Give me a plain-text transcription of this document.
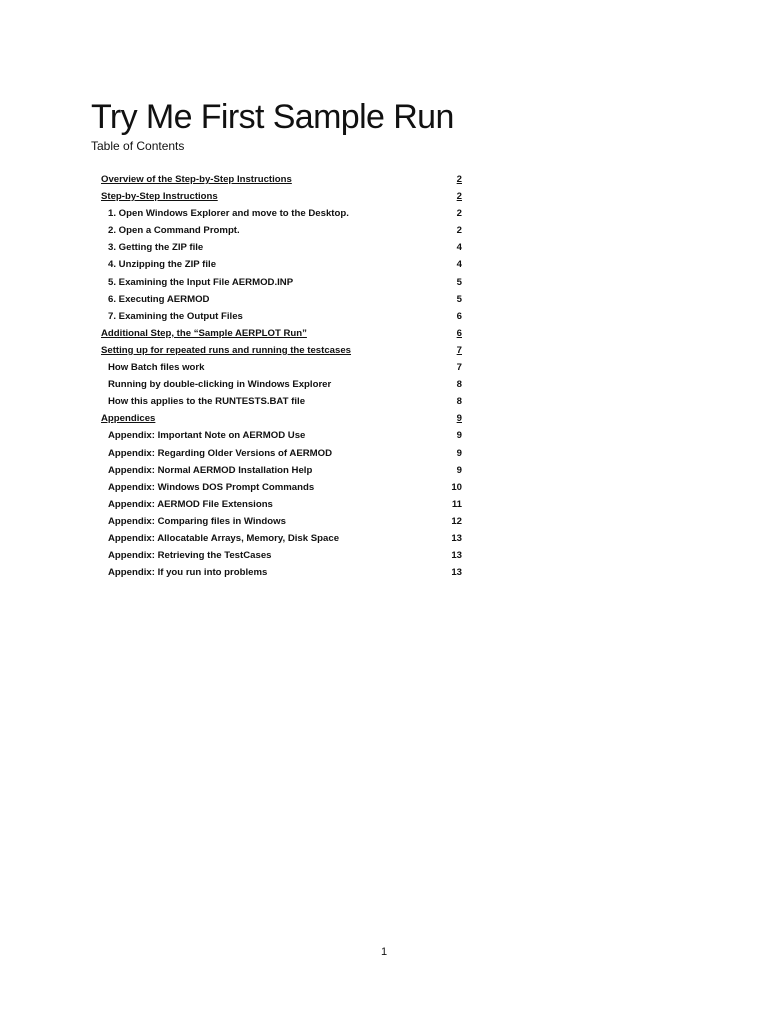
Try Me First Sample Run
Table of Contents
Overview of the Step-by-Step Instructions	2
Step-by-Step Instructions	2
1. Open Windows Explorer and move to the Desktop.	2
2. Open a Command Prompt.	2
3. Getting the ZIP file	4
4. Unzipping the ZIP file	4
5. Examining the Input File AERMOD.INP	5
6. Executing AERMOD	5
7. Examining the Output Files	6
Additional Step, the “Sample AERPLOT Run”	6
Setting up for repeated runs and running the testcases	7
How Batch files work	7
Running by double-clicking in Windows Explorer	8
How this applies to the RUNTESTS.BAT file	8
Appendices	9
Appendix: Important Note on AERMOD Use	9
Appendix: Regarding Older Versions of AERMOD	9
Appendix: Normal AERMOD Installation Help	9
Appendix: Windows DOS Prompt Commands	10
Appendix: AERMOD File Extensions	11
Appendix: Comparing files in Windows	12
Appendix: Allocatable Arrays, Memory, Disk Space	13
Appendix: Retrieving the TestCases	13
Appendix: If you run into problems	13
1
